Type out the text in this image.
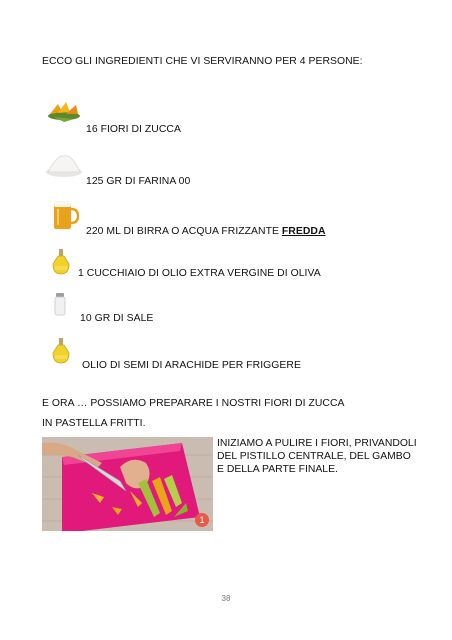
ECCO GLI INGREDIENTI CHE VI SERVIRANNO PER 4 PERSONE:
16 FIORI DI ZUCCA
125 GR DI FARINA 00
220 ML DI BIRRA O ACQUA FRIZZANTE FREDDA
1 CUCCHIAIO DI OLIO EXTRA VERGINE DI OLIVA
10 GR DI SALE
OLIO DI SEMI DI ARACHIDE PER FRIGGERE
E ORA … POSSIAMO PREPARARE I NOSTRI FIORI DI ZUCCA
IN PASTELLA FRITTI.
1
INIZIAMO A PULIRE I FIORI, PRIVANDOLI DEL PISTILLO CENTRALE, DEL GAMBO E DELLA PARTE FINALE.
38
